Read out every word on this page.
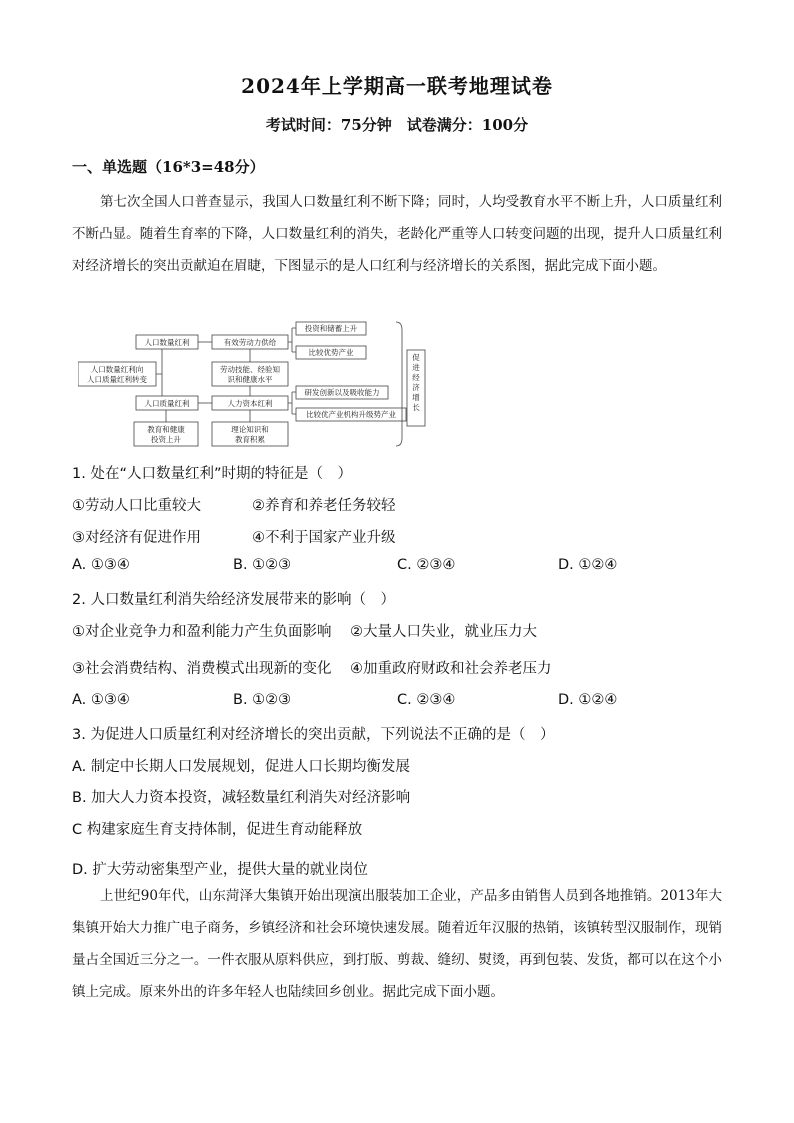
2024年上学期高一联考地理试卷
考试时间：75分钟　试卷满分：100分
一、单选题（16*3=48分）
第七次全国人口普查显示，我国人口数量红利不断下降；同时，人均受教育水平不断上升，人口质量红利不断凸显。随着生育率的下降，人口数量红利的消失，老龄化严重等人口转变问题的出现，提升人口质量红利对经济增长的突出贡献迫在眉睫，下图显示的是人口红利与经济增长的关系图，据此完成下面小题。
人口数量红利向
人口质量红利转变
人口数量红利
人口质量红利
教育和健康
投资上升
有效劳动力供给
劳动技能、经验知
识和健康水平
人力资本红利
理论知识和
教育积累
投资和储蓄上升
比较优势产业
研发创新以及吸收能力
比较优产业机构升级势产业
促进经济增长
1. 处在“人口数量红利”时期的特征是（　）
①劳动人口比重较大	②养育和养老任务较轻
③对经济有促进作用	④不利于国家产业升级
A. ①③④	B. ①②③	C. ②③④	D. ①②④
2. 人口数量红利消失给经济发展带来的影响（　）
①对企业竞争力和盈利能力产生负面影响 ②大量人口失业，就业压力大
③社会消费结构、消费模式出现新的变化 ④加重政府财政和社会养老压力
A. ①③④	B. ①②③	C. ②③④	D. ①②④
3. 为促进人口质量红利对经济增长的突出贡献，下列说法不正确的是（　）
A. 制定中长期人口发展规划，促进人口长期均衡发展
B. 加大人力资本投资，减轻数量红利消失对经济影响
C 构建家庭生育支持体制，促进生育动能释放
D. 扩大劳动密集型产业，提供大量的就业岗位
上世纪90年代，山东菏泽大集镇开始出现演出服装加工企业，产品多由销售人员到各地推销。2013年大集镇开始大力推广电子商务，乡镇经济和社会环境快速发展。随着近年汉服的热销，该镇转型汉服制作，现销量占全国近三分之一。一件衣服从原料供应，到打版、剪裁、缝纫、熨烫，再到包装、发货，都可以在这个小镇上完成。原来外出的许多年轻人也陆续回乡创业。据此完成下面小题。
